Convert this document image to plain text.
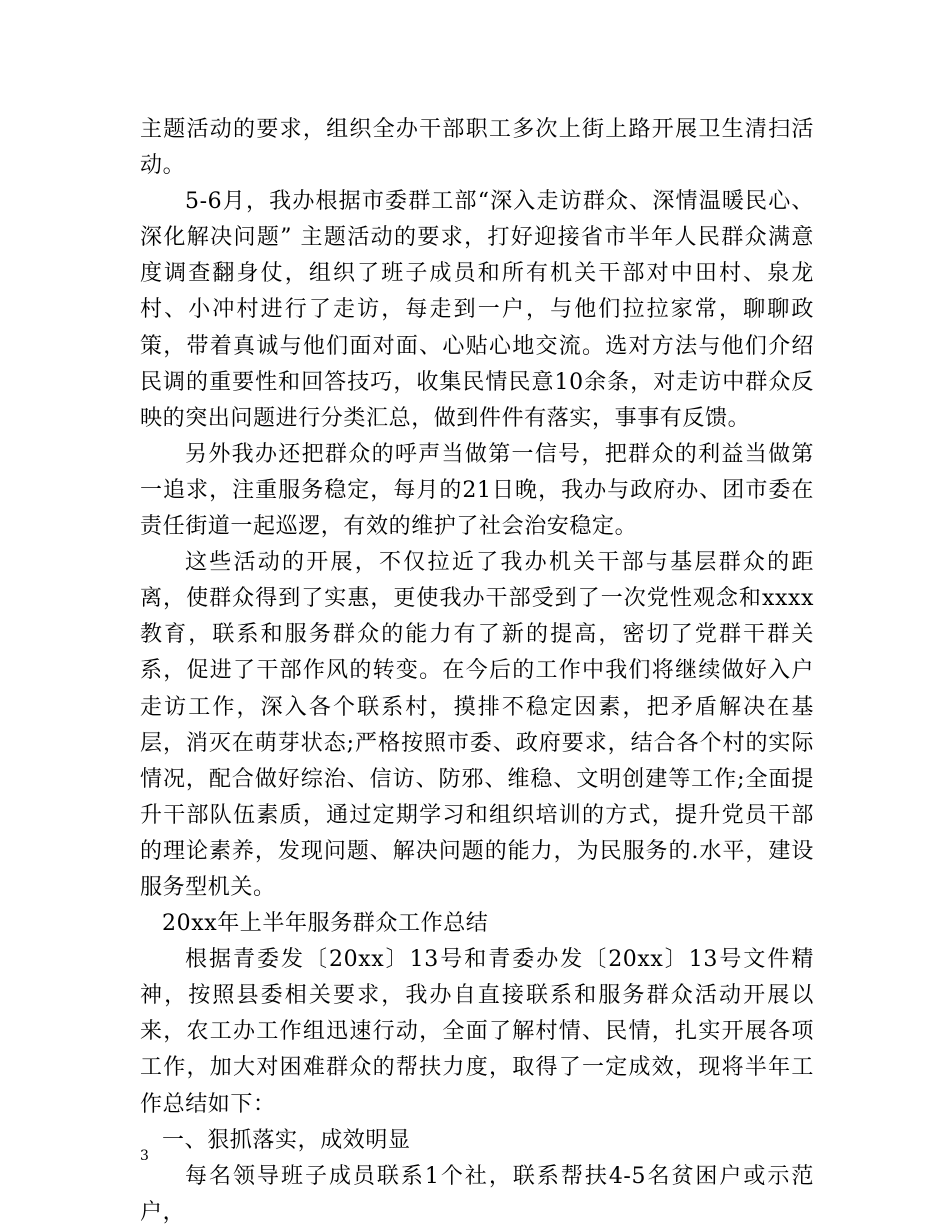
主题活动的要求，组织全办干部职工多次上街上路开展卫生清扫活动。

5-6月，我办根据市委群工部“深入走访群众、深情温暖民心、深化解决问题” 主题活动的要求，打好迎接省市半年人民群众满意度调查翻身仗，组织了班子成员和所有机关干部对中田村、泉龙村、小冲村进行了走访，每走到一户，与他们拉拉家常，聊聊政策，带着真诚与他们面对面、心贴心地交流。选对方法与他们介绍民调的重要性和回答技巧，收集民情民意10余条，对走访中群众反映的突出问题进行分类汇总，做到件件有落实，事事有反馈。

另外我办还把群众的呼声当做第一信号，把群众的利益当做第一追求，注重服务稳定，每月的21日晚，我办与政府办、团市委在责任街道一起巡逻，有效的维护了社会治安稳定。

这些活动的开展，不仅拉近了我办机关干部与基层群众的距离，使群众得到了实惠，更使我办干部受到了一次党性观念和xxxx教育，联系和服务群众的能力有了新的提高，密切了党群干群关系，促进了干部作风的转变。在今后的工作中我们将继续做好入户走访工作，深入各个联系村，摸排不稳定因素，把矛盾解决在基层，消灭在萌芽状态;严格按照市委、政府要求，结合各个村的实际情况，配合做好综治、信访、防邪、维稳、文明创建等工作;全面提升干部队伍素质，通过定期学习和组织培训的方式，提升党员干部的理论素养，发现问题、解决问题的能力，为民服务的.水平，建设服务型机关。

20xx年上半年服务群众工作总结

根据青委发〔20xx〕13号和青委办发〔20xx〕13号文件精神，按照县委相关要求，我办自直接联系和服务群众活动开展以来，农工办工作组迅速行动，全面了解村情、民情，扎实开展各项工作，加大对困难群众的帮扶力度，取得了一定成效，现将半年工作总结如下：

一、狠抓落实，成效明显

每名领导班子成员联系1个社，联系帮扶4-5名贫困户或示范户，

3
